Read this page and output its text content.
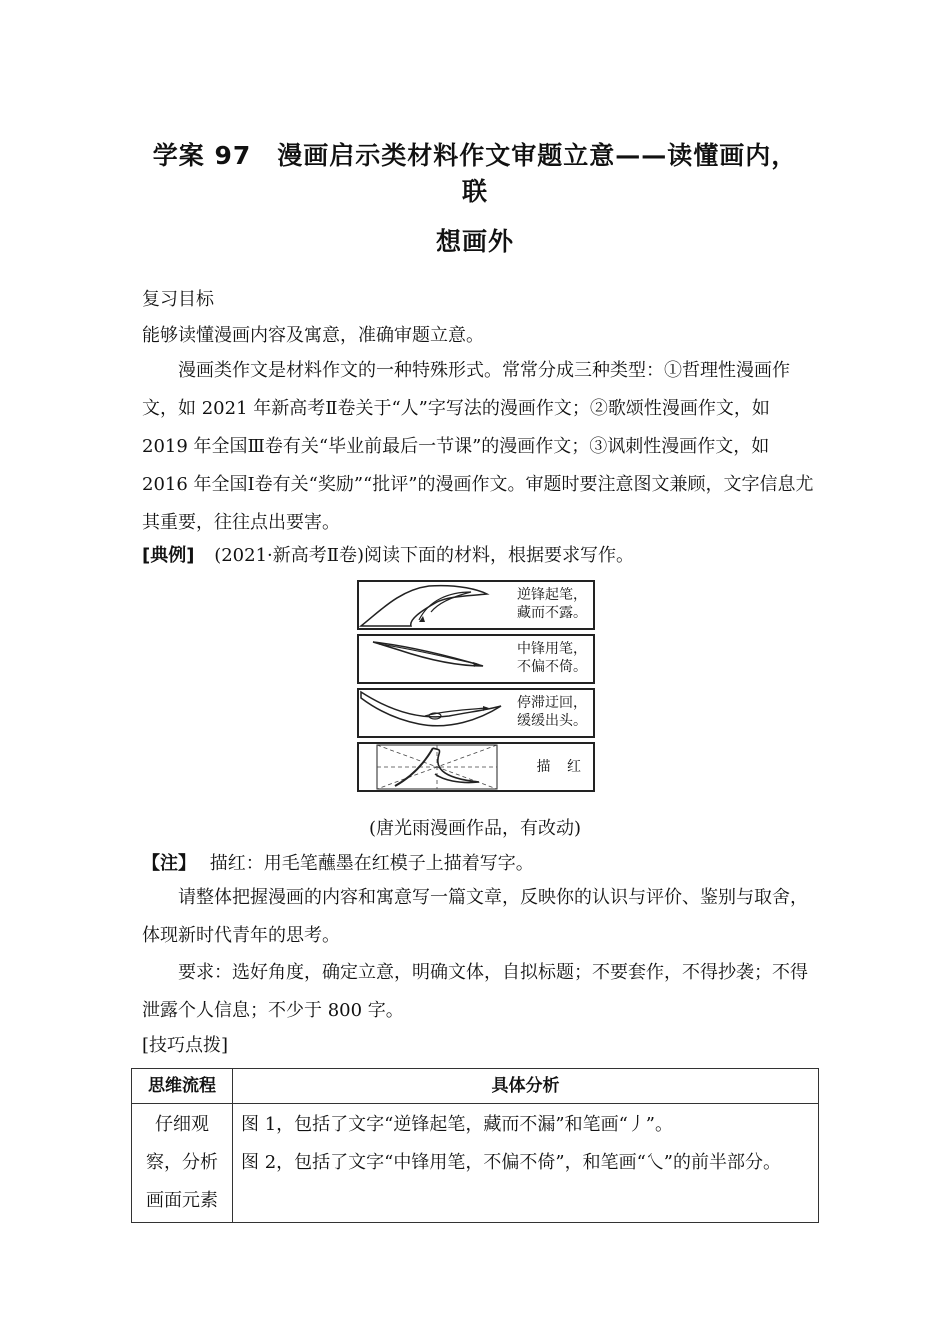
学案 97　漫画启示类材料作文审题立意——读懂画内，联
想画外
复习目标
能够读懂漫画内容及寓意，准确审题立意。
漫画类作文是材料作文的一种特殊形式。常常分成三种类型：①哲理性漫画作文，如 2021 年新高考Ⅱ卷关于“人”字写法的漫画作文；②歌颂性漫画作文，如 2019 年全国Ⅲ卷有关“毕业前最后一节课”的漫画作文；③讽刺性漫画作文，如 2016 年全国Ⅰ卷有关“奖励”“批评”的漫画作文。审题时要注意图文兼顾，文字信息尤其重要，往往点出要害。
[典例] (2021·新高考Ⅱ卷)阅读下面的材料，根据要求写作。
逆锋起笔，
藏而不露。
中锋用笔，
不偏不倚。
停滞迂回，
缓缓出头。
描 红
(唐光雨漫画作品，有改动)
【注】 描红：用毛笔蘸墨在红模子上描着写字。
请整体把握漫画的内容和寓意写一篇文章，反映你的认识与评价、鉴别与取舍，体现新时代青年的思考。
要求：选好角度，确定立意，明确文体，自拟标题；不要套作，不得抄袭；不得泄露个人信息；不少于 800 字。
[技巧点拨]
思维流程	具体分析
仔细观察，分析画面元素	图 1，包括了文字“逆锋起笔，藏而不漏”和笔画“丿”。
图 2，包括了文字“中锋用笔，不偏不倚”，和笔画“乀”的前半部分。
